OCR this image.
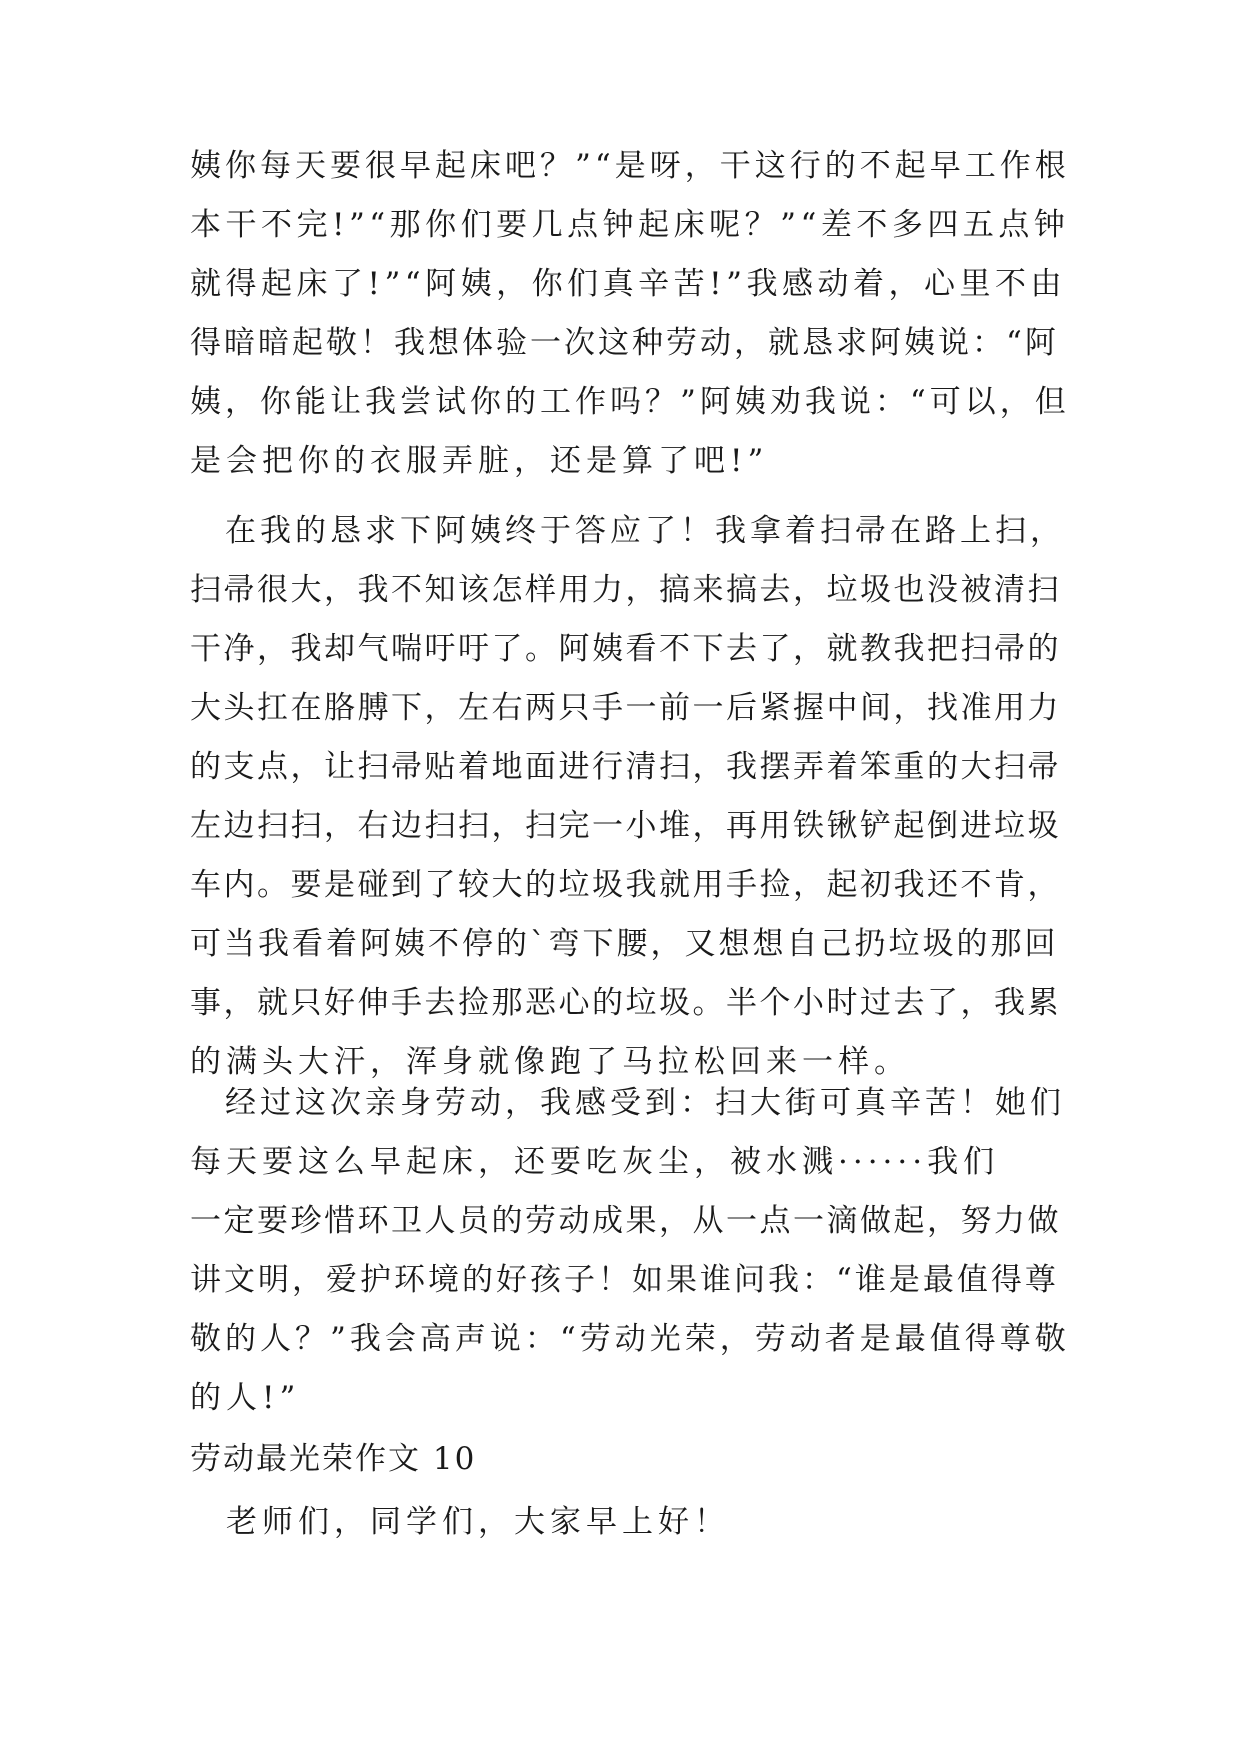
姨你每天要很早起床吧？”“是呀，干这行的不起早工作根
本干不完!”“那你们要几点钟起床呢？”“差不多四五点钟
就得起床了!”“阿姨，你们真辛苦!”我感动着，心里不由
得暗暗起敬！我想体验一次这种劳动，就恳求阿姨说：“阿
姨，你能让我尝试你的工作吗？”阿姨劝我说：“可以，但
是会把你的衣服弄脏，还是算了吧!”
　在我的恳求下阿姨终于答应了！我拿着扫帚在路上扫，
扫帚很大，我不知该怎样用力，搞来搞去，垃圾也没被清扫
干净，我却气喘吁吁了。阿姨看不下去了，就教我把扫帚的
大头扛在胳膊下，左右两只手一前一后紧握中间，找准用力
的支点，让扫帚贴着地面进行清扫，我摆弄着笨重的大扫帚
左边扫扫，右边扫扫，扫完一小堆，再用铁锹铲起倒进垃圾
车内。要是碰到了较大的垃圾我就用手捡，起初我还不肯，
可当我看着阿姨不停的`弯下腰，又想想自己扔垃圾的那回
事，就只好伸手去捡那恶心的垃圾。半个小时过去了，我累
的满头大汗，浑身就像跑了马拉松回来一样。
　经过这次亲身劳动，我感受到：扫大街可真辛苦！她们
每天要这么早起床，还要吃灰尘，被水溅······我们
一定要珍惜环卫人员的劳动成果，从一点一滴做起，努力做
讲文明，爱护环境的好孩子！如果谁问我：“谁是最值得尊
敬的人？”我会高声说：“劳动光荣，劳动者是最值得尊敬
的人!”
劳动最光荣作文 10
　老师们，同学们，大家早上好！
